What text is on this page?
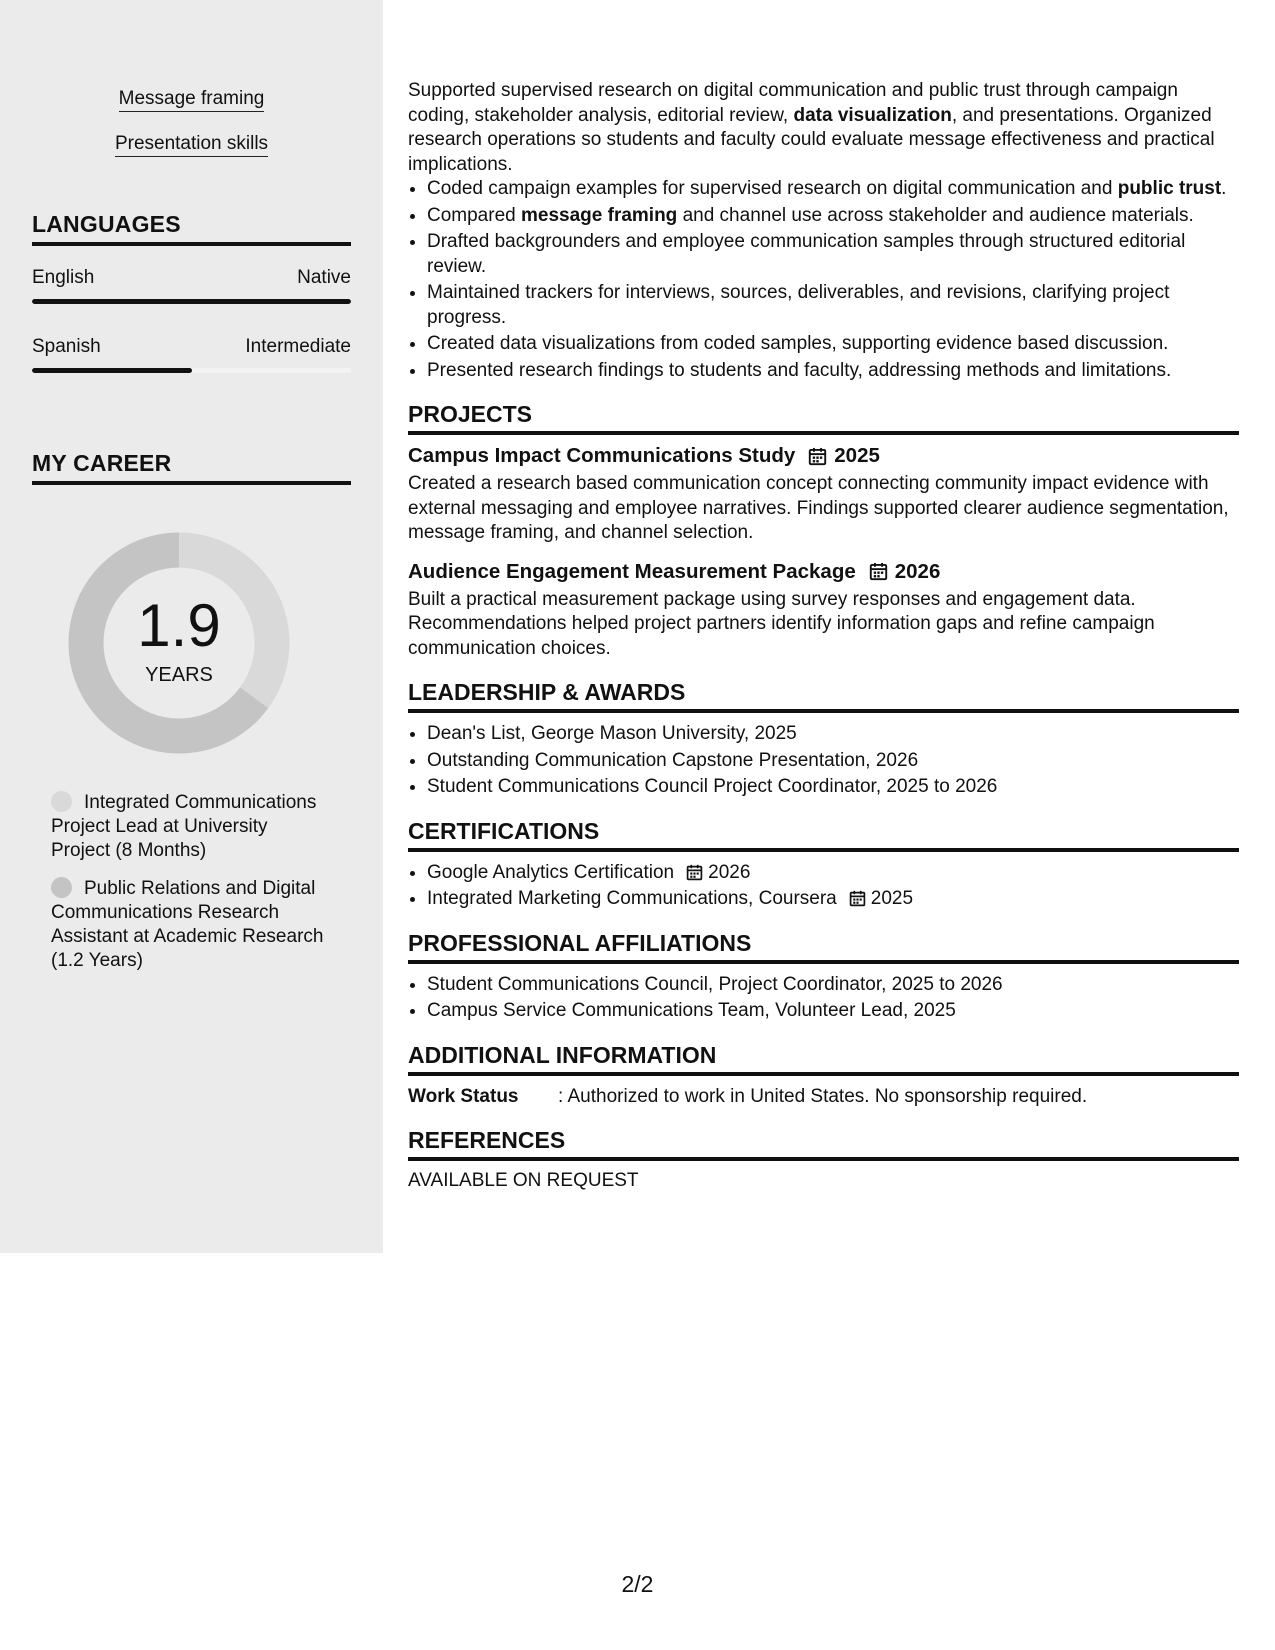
Message framing
Presentation skills
LANGUAGES
English	Native
Spanish	Intermediate
MY CAREER
1.9
YEARS
Integrated Communications Project Lead at University Project (8 Months)
Public Relations and Digital Communications Research Assistant at Academic Research (1.2 Years)

Supported supervised research on digital communication and public trust through campaign coding, stakeholder analysis, editorial review, data visualization, and presentations. Organized research operations so students and faculty could evaluate message effectiveness and practical implications.

• Coded campaign examples for supervised research on digital communication and public trust.
• Compared message framing and channel use across stakeholder and audience materials.
• Drafted backgrounders and employee communication samples through structured editorial review.
• Maintained trackers for interviews, sources, deliverables, and revisions, clarifying project progress.
• Created data visualizations from coded samples, supporting evidence based discussion.
• Presented research findings to students and faculty, addressing methods and limitations.
PROJECTS
Campus Impact Communications Study 2025

Created a research based communication concept connecting community impact evidence with external messaging and employee narratives. Findings supported clearer audience segmentation, message framing, and channel selection.

Audience Engagement Measurement Package 2026

Built a practical measurement package using survey responses and engagement data. Recommendations helped project partners identify information gaps and refine campaign communication choices.

LEADERSHIP & AWARDS
• Dean's List, George Mason University, 2025
• Outstanding Communication Capstone Presentation, 2026
• Student Communications Council Project Coordinator, 2025 to 2026
CERTIFICATIONS
• Google Analytics Certification 2026
• Integrated Marketing Communications, Coursera 2025
PROFESSIONAL AFFILIATIONS
• Student Communications Council, Project Coordinator, 2025 to 2026
• Campus Service Communications Team, Volunteer Lead, 2025
ADDITIONAL INFORMATION
Work Status	: Authorized to work in United States. No sponsorship required.
REFERENCES
AVAILABLE ON REQUEST
2/2
